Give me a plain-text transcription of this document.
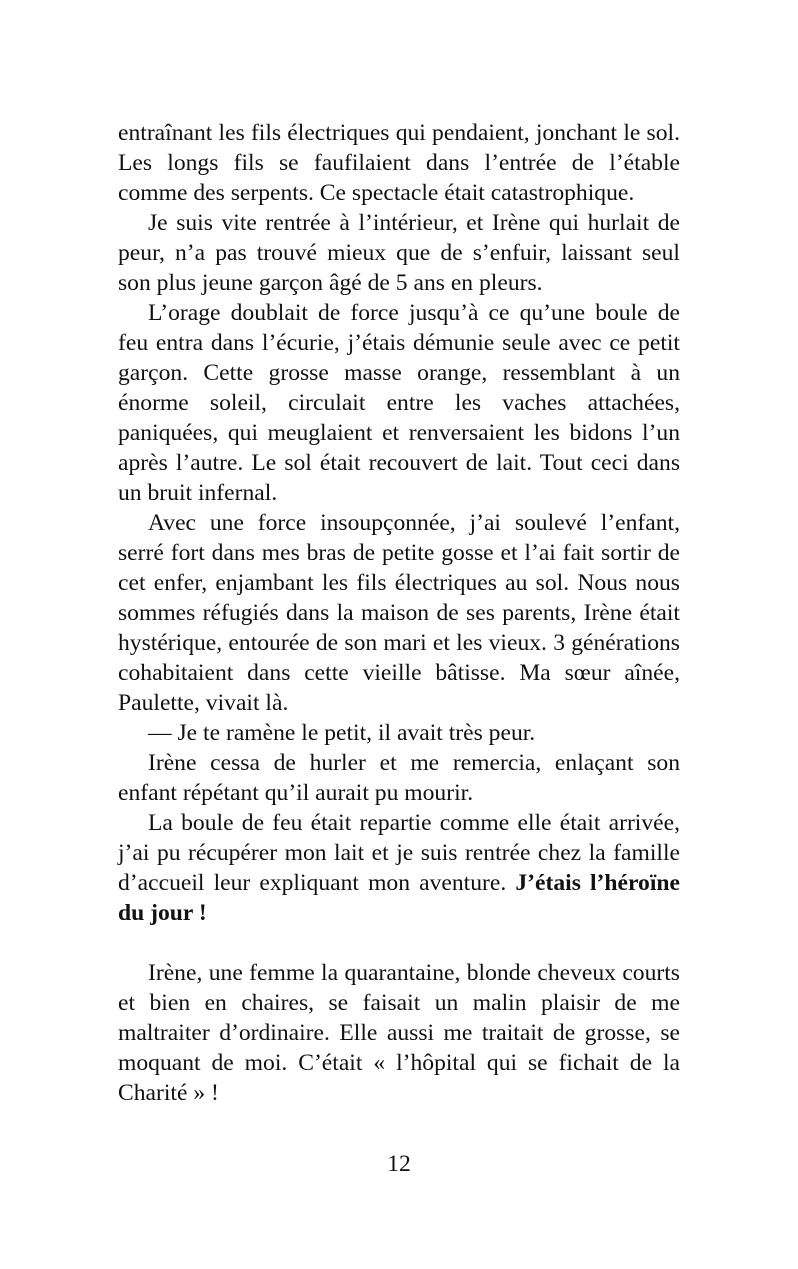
entraînant les fils électriques qui pendaient, jonchant le sol. Les longs fils se faufilaient dans l’entrée de l’étable comme des serpents. Ce spectacle était catastrophique.

Je suis vite rentrée à l’intérieur, et Irène qui hurlait de peur, n’a pas trouvé mieux que de s’enfuir, laissant seul son plus jeune garçon âgé de 5 ans en pleurs.

L’orage doublait de force jusqu’à ce qu’une boule de feu entra dans l’écurie, j’étais démunie seule avec ce petit garçon. Cette grosse masse orange, ressemblant à un énorme soleil, circulait entre les vaches attachées, paniquées, qui meuglaient et renversaient les bidons l’un après l’autre. Le sol était recouvert de lait. Tout ceci dans un bruit infernal.

Avec une force insoupçonnée, j’ai soulevé l’enfant, serré fort dans mes bras de petite gosse et l’ai fait sortir de cet enfer, enjambant les fils électriques au sol. Nous nous sommes réfugiés dans la maison de ses parents, Irène était hystérique, entourée de son mari et les vieux. 3 générations cohabitaient dans cette vieille bâtisse. Ma sœur aînée, Paulette, vivait là.

— Je te ramène le petit, il avait très peur.

Irène cessa de hurler et me remercia, enlaçant son enfant répétant qu’il aurait pu mourir.

La boule de feu était repartie comme elle était arrivée, j’ai pu récupérer mon lait et je suis rentrée chez la famille d’accueil leur expliquant mon aventure. J’étais l’héroïne du jour !

Irène, une femme la quarantaine, blonde cheveux courts et bien en chaires, se faisait un malin plaisir de me maltraiter d’ordinaire. Elle aussi me traitait de grosse, se moquant de moi. C’était « l’hôpital qui se fichait de la Charité » !

12
